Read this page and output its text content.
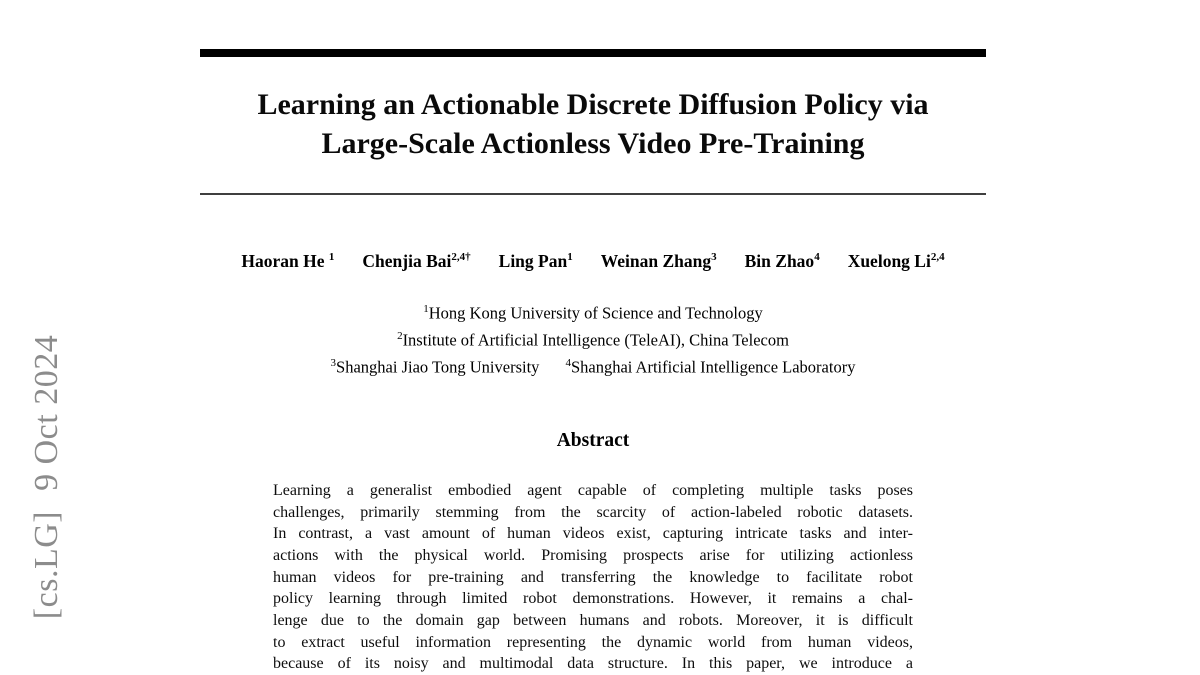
[cs.LG]9 Oct 2024
Learning an Actionable Discrete Diffusion Policy via
Large-Scale Actionless Video Pre-Training
Haoran He $^1$ Chenjia Bai$^{2,4\dagger}$ Ling Pan$^1$ Weinan Zhang$^3$ Bin Zhao$^4$ Xuelong Li$^{2,4}$
$^1$Hong Kong University of Science and Technology
$^2$Institute of Artificial Intelligence (TeleAI), China Telecom
$^3$Shanghai Jiao Tong University $^4$Shanghai Artificial Intelligence Laboratory
Abstract
Learning a generalist embodied agent capable of completing multiple tasks poses
challenges, primarily stemming from the scarcity of action-labeled robotic datasets.
In contrast, a vast amount of human videos exist, capturing intricate tasks and inter-
actions with the physical world. Promising prospects arise for utilizing actionless
human videos for pre-training and transferring the knowledge to facilitate robot
policy learning through limited robot demonstrations. However, it remains a chal-
lenge due to the domain gap between humans and robots. Moreover, it is difficult
to extract useful information representing the dynamic world from human videos,
because of its noisy and multimodal data structure. In this paper, we introduce a
